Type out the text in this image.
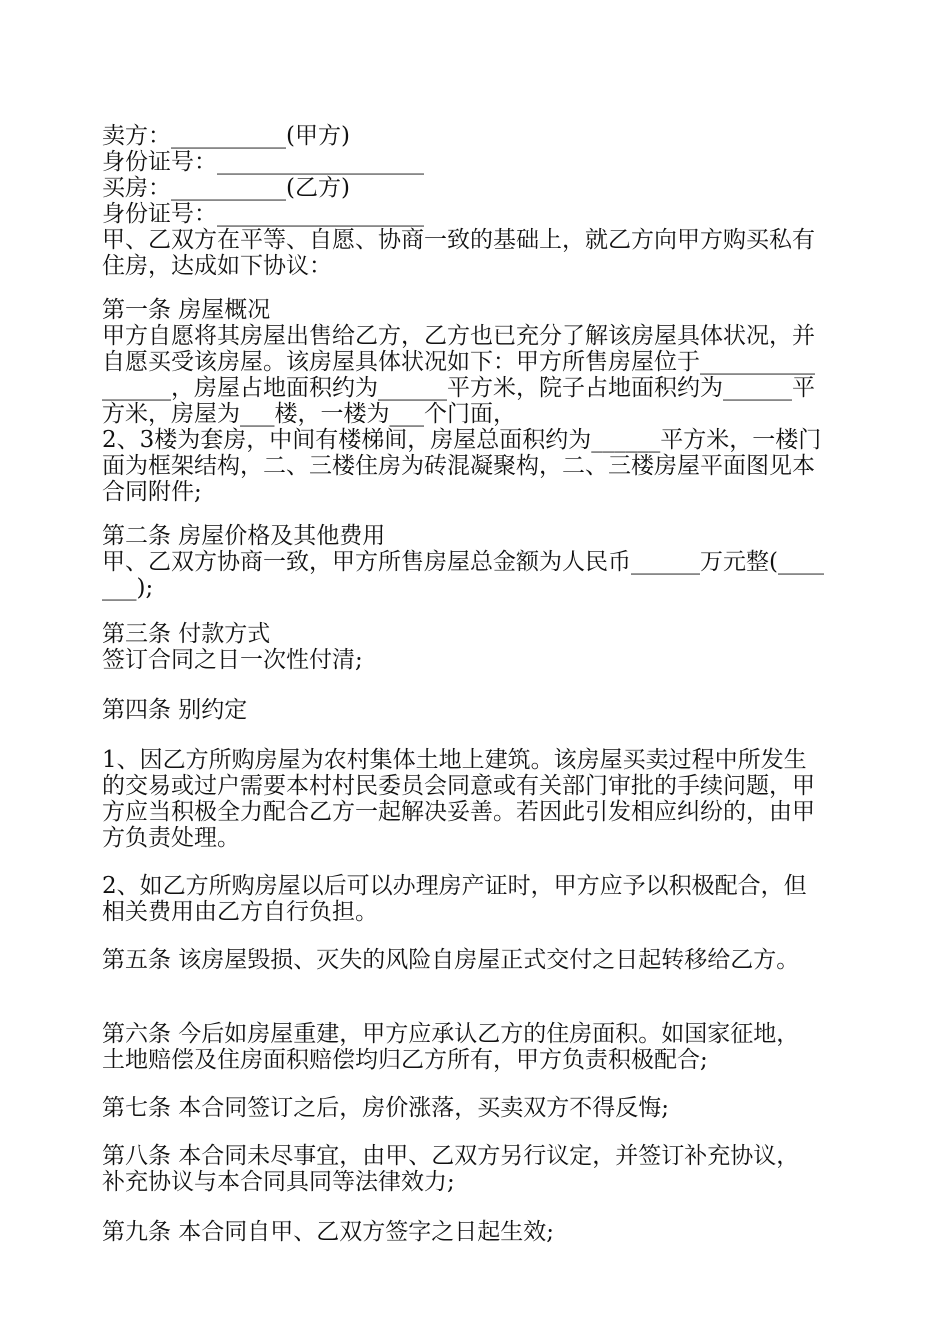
卖方：__________(甲方)
身份证号：__________________
买房：__________(乙方)
身份证号：__________________
甲、乙双方在平等、自愿、协商一致的基础上，就乙方向甲方购买私有
住房，达成如下协议：
第一条 房屋概况
甲方自愿将其房屋出售给乙方，乙方也已充分了解该房屋具体状况，并
自愿买受该房屋。该房屋具体状况如下：甲方所售房屋位于__________
______，房屋占地面积约为______平方米，院子占地面积约为______平
方米，房屋为___楼，一楼为___个门面，
2、3楼为套房，中间有楼梯间，房屋总面积约为______平方米，一楼门
面为框架结构，二、三楼住房为砖混凝聚构，二、三楼房屋平面图见本
合同附件;
第二条 房屋价格及其他费用
甲、乙双方协商一致，甲方所售房屋总金额为人民币______万元整(____
___);
第三条 付款方式
签订合同之日一次性付清;
第四条 别约定
1、因乙方所购房屋为农村集体土地上建筑。该房屋买卖过程中所发生
的交易或过户需要本村村民委员会同意或有关部门审批的手续问题，甲
方应当积极全力配合乙方一起解决妥善。若因此引发相应纠纷的，由甲
方负责处理。
2、如乙方所购房屋以后可以办理房产证时，甲方应予以积极配合，但
相关费用由乙方自行负担。
第五条 该房屋毁损、灭失的风险自房屋正式交付之日起转移给乙方。
第六条 今后如房屋重建，甲方应承认乙方的住房面积。如国家征地，
土地赔偿及住房面积赔偿均归乙方所有，甲方负责积极配合;
第七条 本合同签订之后，房价涨落，买卖双方不得反悔;
第八条 本合同未尽事宜，由甲、乙双方另行议定，并签订补充协议，
补充协议与本合同具同等法律效力;
第九条 本合同自甲、乙双方签字之日起生效;
